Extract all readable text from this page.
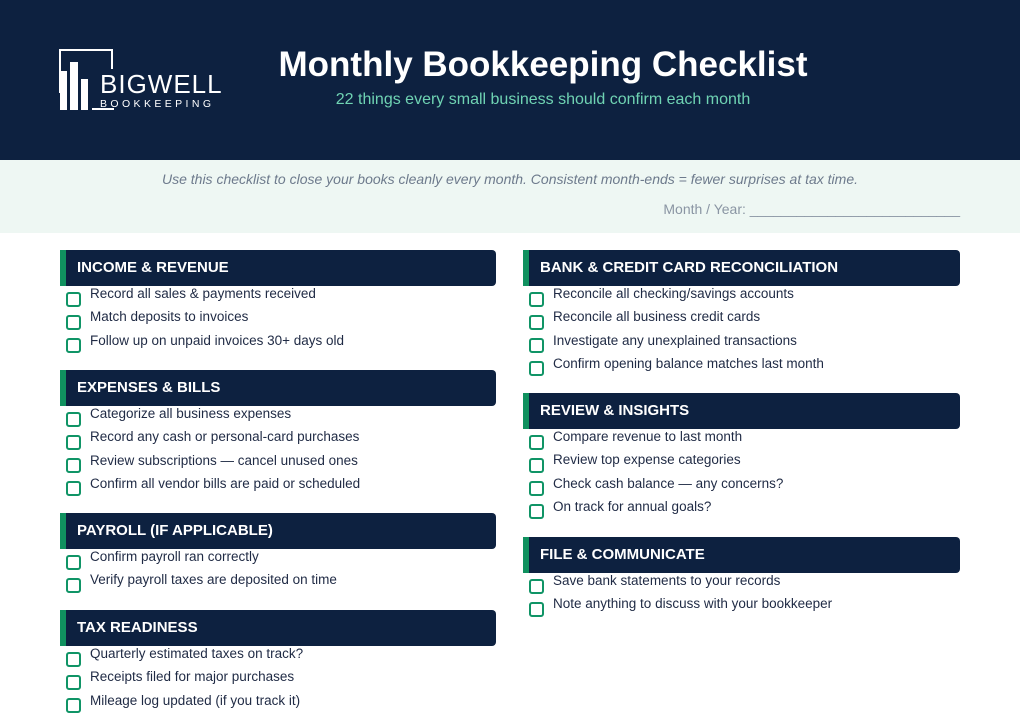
BIGWELL
BOOKKEEPING
Monthly Bookkeeping Checklist
22 things every small business should confirm each month
Use this checklist to close your books cleanly every month. Consistent month-ends = fewer surprises at tax time.
Month / Year: ___________________________
INCOME & REVENUE
Record all sales & payments received
Match deposits to invoices
Follow up on unpaid invoices 30+ days old
EXPENSES & BILLS
Categorize all business expenses
Record any cash or personal-card purchases
Review subscriptions — cancel unused ones
Confirm all vendor bills are paid or scheduled
PAYROLL (IF APPLICABLE)
Confirm payroll ran correctly
Verify payroll taxes are deposited on time
TAX READINESS
Quarterly estimated taxes on track?
Receipts filed for major purchases
Mileage log updated (if you track it)
BANK & CREDIT CARD RECONCILIATION
Reconcile all checking/savings accounts
Reconcile all business credit cards
Investigate any unexplained transactions
Confirm opening balance matches last month
REVIEW & INSIGHTS
Compare revenue to last month
Review top expense categories
Check cash balance — any concerns?
On track for annual goals?
FILE & COMMUNICATE
Save bank statements to your records
Note anything to discuss with your bookkeeper
